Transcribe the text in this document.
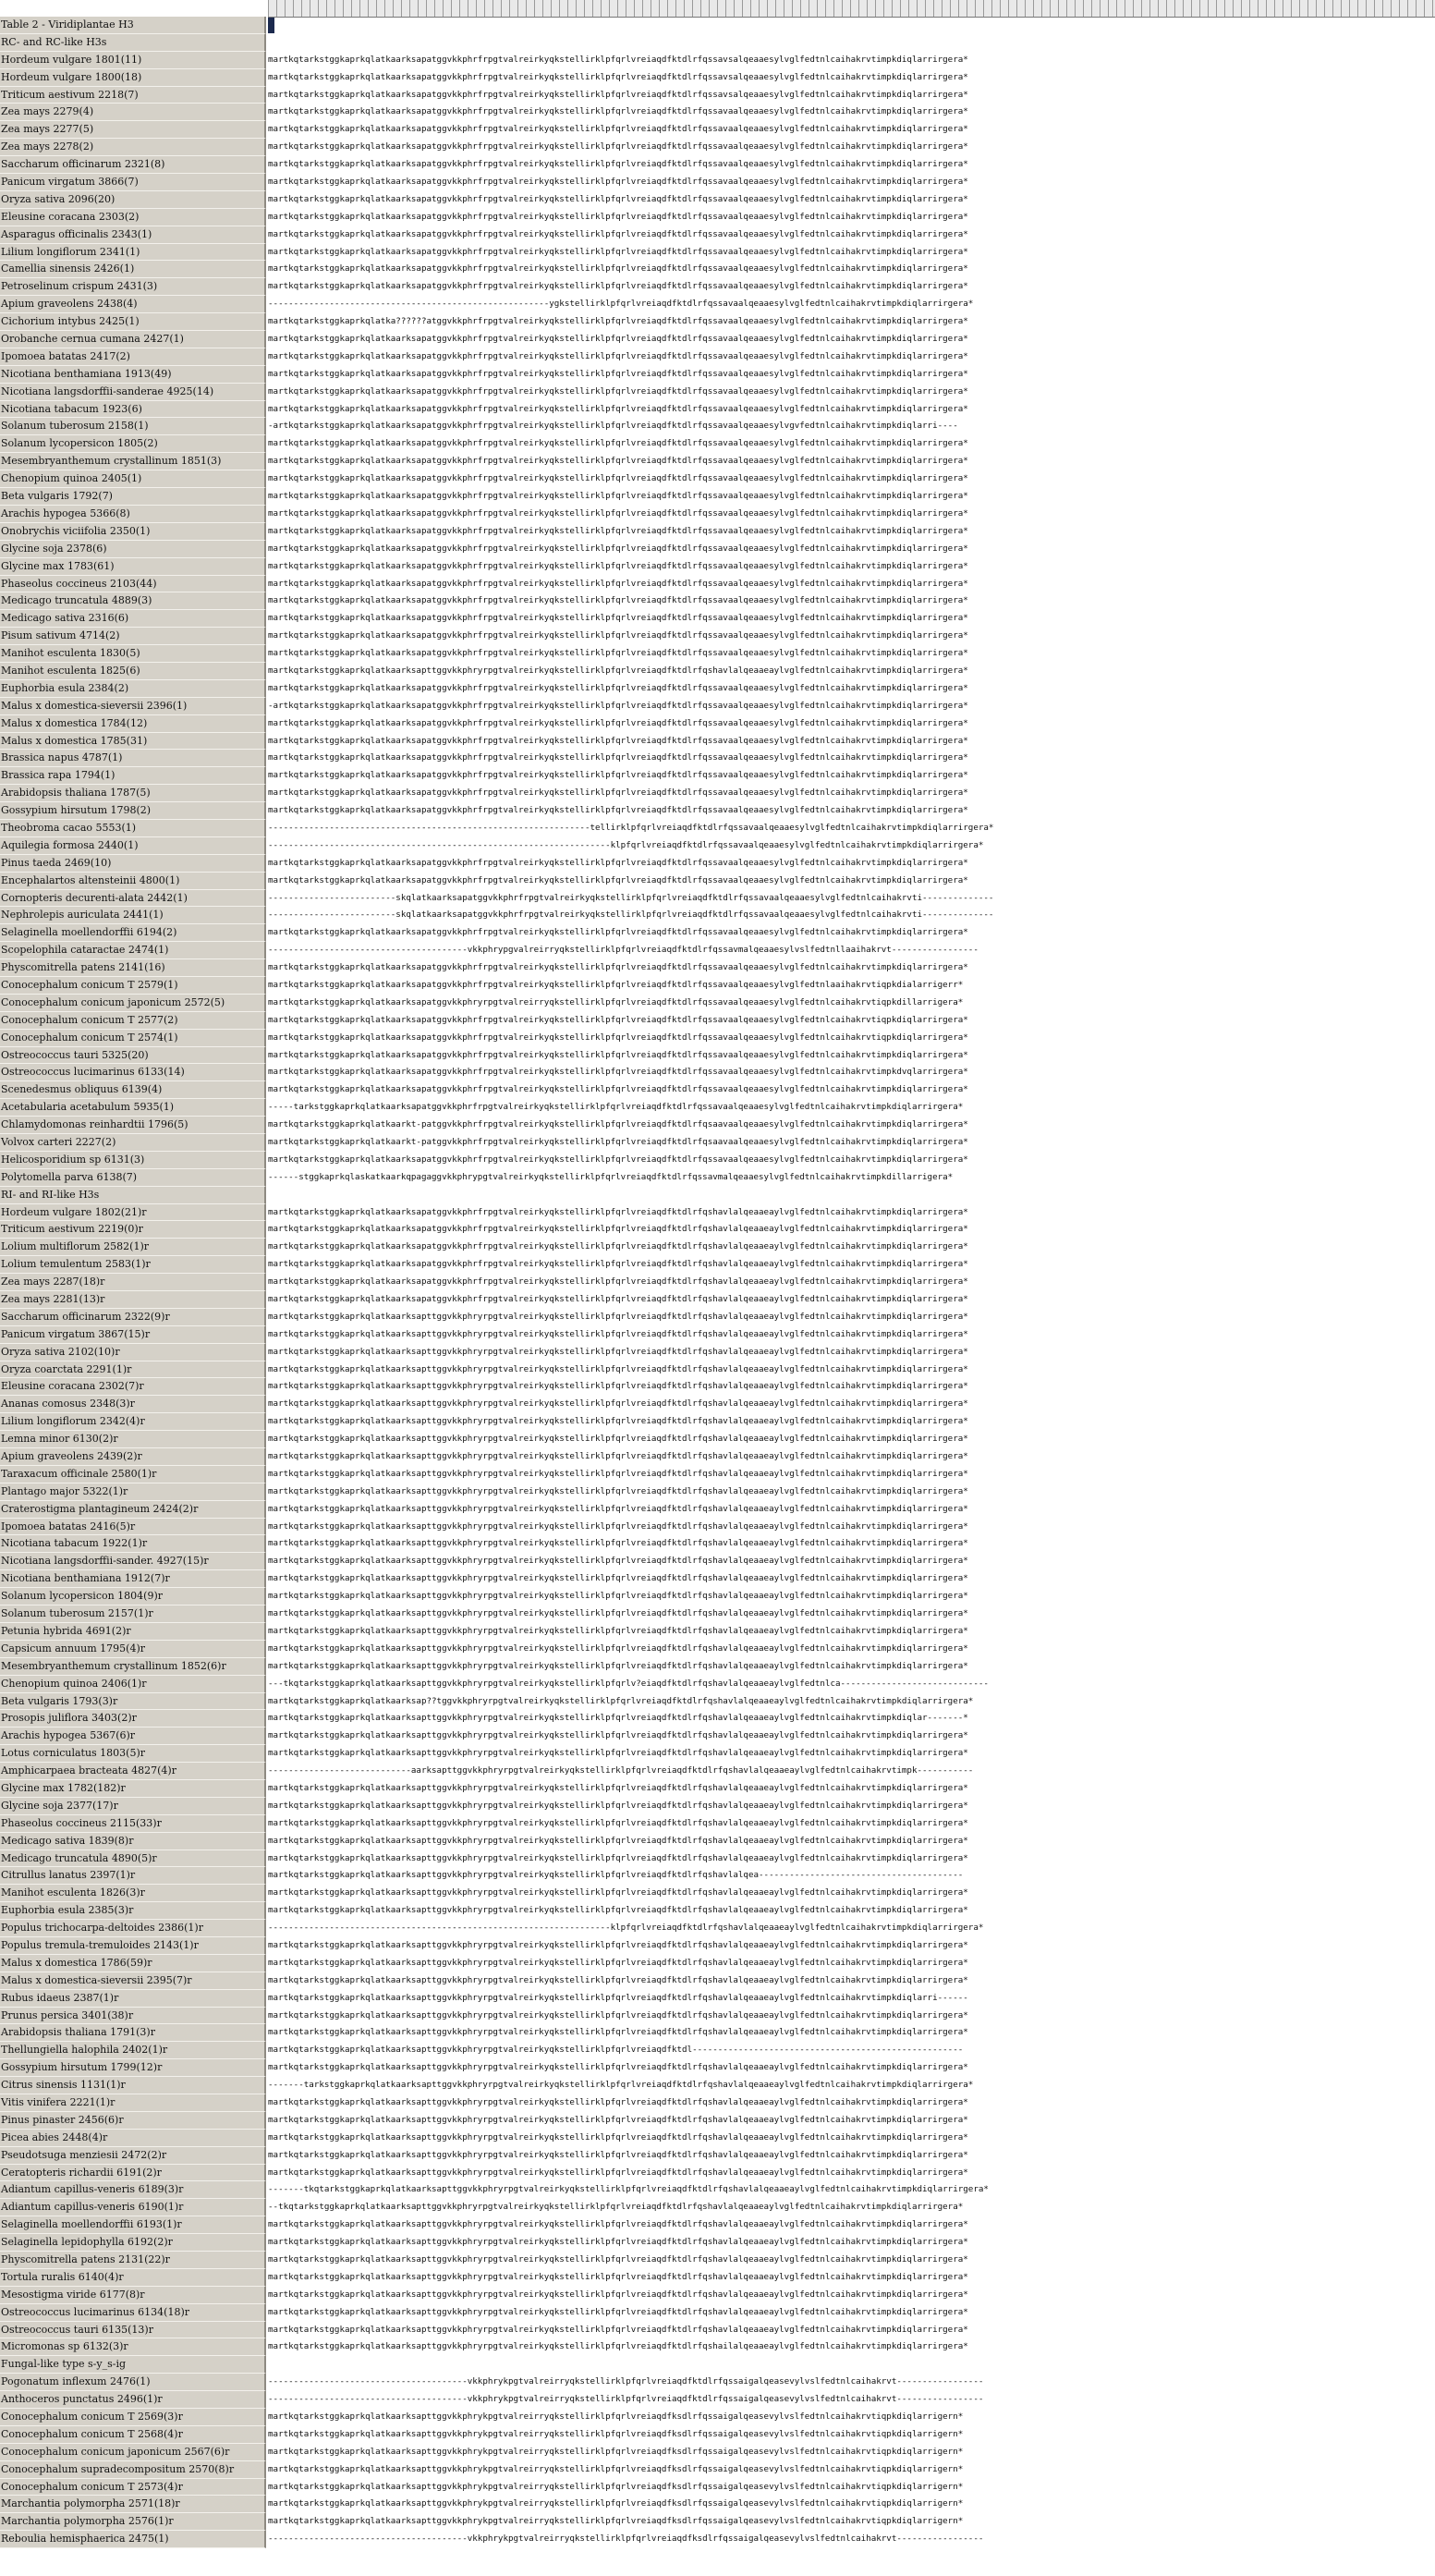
Table 2 - Viridiplantae H3
RC- and RC-like H3s
Hordeum vulgare 1801(11)	martkqtarkstggkaprkqlatkaarksapatggvkkphrfrpgtvalreirkyqkstellirklpfqrlvreiaqdfktdlrfqssavsalqeaaesylvglfedtnlcaihakrvtimpkdiqlarrirgera*
Hordeum vulgare 1800(18)	martkqtarkstggkaprkqlatkaarksapatggvkkphrfrpgtvalreirkyqkstellirklpfqrlvreiaqdfktdlrfqssavsalqeaaesylvglfedtnlcaihakrvtimpkdiqlarrirgera*
Triticum aestivum 2218(7)	martkqtarkstggkaprkqlatkaarksapatggvkkphrfrpgtvalreirkyqkstellirklpfqrlvreiaqdfktdlrfqssavsalqeaaesylvglfedtnlcaihakrvtimpkdiqlarrirgera*
Zea mays 2279(4)	martkqtarkstggkaprkqlatkaarksapatggvkkphrfrpgtvalreirkyqkstellirklpfqrlvreiaqdfktdlrfqssavaalqeaaesylvglfedtnlcaihakrvtimpkdiqlarrirgera*
Zea mays 2277(5)	martkqtarkstggkaprkqlatkaarksapatggvkkphrfrpgtvalreirkyqkstellirklpfqrlvreiaqdfktdlrfqssavaalqeaaesylvglfedtnlcaihakrvtimpkdiqlarrirgera*
Zea mays 2278(2)	martkqtarkstggkaprkqlatkaarksapatggvkkphrfrpgtvalreirkyqkstellirklpfqrlvreiaqdfktdlrfqssavaalqeaaesylvglfedtnlcaihakrvtimpkdiqlarrirgera*
Saccharum officinarum 2321(8)	martkqtarkstggkaprkqlatkaarksapatggvkkphrfrpgtvalreirkyqkstellirklpfqrlvreiaqdfktdlrfqssavaalqeaaesylvglfedtnlcaihakrvtimpkdiqlarrirgera*
Panicum virgatum 3866(7)	martkqtarkstggkaprkqlatkaarksapatggvkkphrfrpgtvalreirkyqkstellirklpfqrlvreiaqdfktdlrfqssavaalqeaaesylvglfedtnlcaihakrvtimpkdiqlarrirgera*
Oryza sativa 2096(20)	martkqtarkstggkaprkqlatkaarksapatggvkkphrfrpgtvalreirkyqkstellirklpfqrlvreiaqdfktdlrfqssavaalqeaaesylvglfedtnlcaihakrvtimpkdiqlarrirgera*
Eleusine coracana 2303(2)	martkqtarkstggkaprkqlatkaarksapatggvkkphrfrpgtvalreirkyqkstellirklpfqrlvreiaqdfktdlrfqssavaalqeaaesylvglfedtnlcaihakrvtimpkdiqlarrirgera*
Asparagus officinalis 2343(1)	martkqtarkstggkaprkqlatkaarksapatggvkkphrfrpgtvalreirkyqkstellirklpfqrlvreiaqdfktdlrfqssavaalqeaaesylvglfedtnlcaihakrvtimpkdiqlarrirgera*
Lilium longiflorum 2341(1)	martkqtarkstggkaprkqlatkaarksapatggvkkphrfrpgtvalreirkyqkstellirklpfqrlvreiaqdfktdlrfqssavaalqeaaesylvglfedtnlcaihakrvtimpkdiqlarrirgera*
Camellia sinensis 2426(1)	martkqtarkstggkaprkqlatkaarksapatggvkkphrfrpgtvalreirkyqkstellirklpfqrlvreiaqdfktdlrfqssavaalqeaaesylvglfedtnlcaihakrvtimpkdiqlarrirgera*
Petroselinum crispum 2431(3)	martkqtarkstggkaprkqlatkaarksapatggvkkphrfrpgtvalreirkyqkstellirklpfqrlvreiaqdfktdlrfqssavaalqeaaesylvglfedtnlcaihakrvtimpkdiqlarrirgera*
Apium graveolens 2438(4)	-------------------------------------------------------ygkstellirklpfqrlvreiaqdfktdlrfqssavaalqeaaesylvglfedtnlcaihakrvtimpkdiqlarrirgera*
Cichorium intybus 2425(1)	martkqtarkstggkaprkqlatka??????atggvkkphrfrpgtvalreirkyqkstellirklpfqrlvreiaqdfktdlrfqssavaalqeaaesylvglfedtnlcaihakrvtimpkdiqlarrirgera*
Orobanche cernua cumana 2427(1)	martkqtarkstggkaprkqlatkaarksapatggvkkphrfrpgtvalreirkyqkstellirklpfqrlvreiaqdfktdlrfqssavaalqeaaesylvglfedtnlcaihakrvtimpkdiqlarrirgera*
Ipomoea batatas 2417(2)	martkqtarkstggkaprkqlatkaarksapatggvkkphrfrpgtvalreirkyqkstellirklpfqrlvreiaqdfktdlrfqssavaalqeaaesylvglfedtnlcaihakrvtimpkdiqlarrirgera*
Nicotiana benthamiana 1913(49)	martkqtarkstggkaprkqlatkaarksapatggvkkphrfrpgtvalreirkyqkstellirklpfqrlvreiaqdfktdlrfqssavaalqeaaesylvglfedtnlcaihakrvtimpkdiqlarrirgera*
Nicotiana langsdorffii-sanderae 4925(14)	martkqtarkstggkaprkqlatkaarksapatggvkkphrfrpgtvalreirkyqkstellirklpfqrlvreiaqdfktdlrfqssavaalqeaaesylvglfedtnlcaihakrvtimpkdiqlarrirgera*
Nicotiana tabacum 1923(6)	martkqtarkstggkaprkqlatkaarksapatggvkkphrfrpgtvalreirkyqkstellirklpfqrlvreiaqdfktdlrfqssavaalqeaaesylvglfedtnlcaihakrvtimpkdiqlarrirgera*
Solanum tuberosum 2158(1)	-artkqtarkstggkaprkqlatkaarksapatggvkkphrfrpgtvalreirkyqkstellirklpfqrlvreiaqdfktdlrfqssavaalqeaaesylvgvfedtnlcaihakrvtimpkdiqlarri----
Solanum lycopersicon 1805(2)	martkqtarkstggkaprkqlatkaarksapatggvkkphrfrpgtvalreirkyqkstellirklpfqrlvreiaqdfktdlrfqssavaalqeaaesylvglfedtnlcaihakrvtimpkdiqlarrirgera*
Mesembryanthemum crystallinum 1851(3)	martkqtarkstggkaprkqlatkaarksapatggvkkphrfrpgtvalreirkyqkstellirklpfqrlvreiaqdfktdlrfqssavaalqeaaesylvglfedtnlcaihakrvtimpkdiqlarrirgera*
Chenopium quinoa 2405(1)	martkqtarkstggkaprkqlatkaarksapatggvkkphrfrpgtvalreirkyqkstellirklpfqrlvreiaqdfktdlrfqssavaalqeaaesylvglfedtnlcaihakrvtimpkdiqlarrirgera*
Beta vulgaris 1792(7)	martkqtarkstggkaprkqlatkaarksapatggvkkphrfrpgtvalreirkyqkstellirklpfqrlvreiaqdfktdlrfqssavaalqeaaesylvglfedtnlcaihakrvtimpkdiqlarrirgera*
Arachis hypogea 5366(8)	martkqtarkstggkaprkqlatkaarksapatggvkkphrfrpgtvalreirkyqkstellirklpfqrlvreiaqdfktdlrfqssavaalqeaaesylvglfedtnlcaihakrvtimpkdiqlarrirgera*
Onobrychis viciifolia 2350(1)	martkqtarkstggkaprkqlatkaarksapatggvkkphrfrpgtvalreirkyqkstellirklpfqrlvreiaqdfktdlrfqssavaalqeaaesylvglfedtnlcaihakrvtimpkdiqlarrirgera*
Glycine soja 2378(6)	martkqtarkstggkaprkqlatkaarksapatggvkkphrfrpgtvalreirkyqkstellirklpfqrlvreiaqdfktdlrfqssavaalqeaaesylvglfedtnlcaihakrvtimpkdiqlarrirgera*
Glycine max 1783(61)	martkqtarkstggkaprkqlatkaarksapatggvkkphrfrpgtvalreirkyqkstellirklpfqrlvreiaqdfktdlrfqssavaalqeaaesylvglfedtnlcaihakrvtimpkdiqlarrirgera*
Phaseolus coccineus 2103(44)	martkqtarkstggkaprkqlatkaarksapatggvkkphrfrpgtvalreirkyqkstellirklpfqrlvreiaqdfktdlrfqssavaalqeaaesylvglfedtnlcaihakrvtimpkdiqlarrirgera*
Medicago truncatula 4889(3)	martkqtarkstggkaprkqlatkaarksapatggvkkphrfrpgtvalreirkyqkstellirklpfqrlvreiaqdfktdlrfqssavaalqeaaesylvglfedtnlcaihakrvtimpkdiqlarrirgera*
Medicago sativa 2316(6)	martkqtarkstggkaprkqlatkaarksapatggvkkphrfrpgtvalreirkyqkstellirklpfqrlvreiaqdfktdlrfqssavaalqeaaesylvglfedtnlcaihakrvtimpkdiqlarrirgera*
Pisum sativum 4714(2)	martkqtarkstggkaprkqlatkaarksapatggvkkphrfrpgtvalreirkyqkstellirklpfqrlvreiaqdfktdlrfqssavaalqeaaesylvglfedtnlcaihakrvtimpkdiqlarrirgera*
Manihot esculenta 1830(5)	martkqtarkstggkaprkqlatkaarksapatggvkkphrfrpgtvalreirkyqkstellirklpfqrlvreiaqdfktdlrfqssavaalqeaaesylvglfedtnlcaihakrvtimpkdiqlarrirgera*
Manihot esculenta 1825(6)	martkqtarkstggkaprkqlatkaarksapttggvkkphryrpgtvalreirkyqkstellirklpfqrlvreiaqdfktdlrfqshavlalqeaaeaylvglfedtnlcaihakrvtimpkdiqlarrirgera*
Euphorbia esula 2384(2)	martkqtarkstggkaprkqlatkaarksapatggvkkphrfrpgtvalreirkyqkstellirklpfqrlvreiaqdfktdlrfqssavaalqeaaesylvglfedtnlcaihakrvtimpkdiqlarrirgera*
Malus x domestica-sieversii 2396(1)	-artkqtarkstggkaprkqlatkaarksapatggvkkphrfrpgtvalreirkyqkstellirklpfqrlvreiaqdfktdlrfqssavaalqeaaesylvglfedtnlcaihakrvtimpkdiqlarrirgera*
Malus x domestica 1784(12)	martkqtarkstggkaprkqlatkaarksapatggvkkphrfrpgtvalreirkyqkstellirklpfqrlvreiaqdfktdlrfqssavaalqeaaesylvglfedtnlcaihakrvtimpkdiqlarrirgera*
Malus x domestica 1785(31)	martkqtarkstggkaprkqlatkaarksapatggvkkphrfrpgtvalreirkyqkstellirklpfqrlvreiaqdfktdlrfqssavaalqeaaesylvglfedtnlcaihakrvtimpkdiqlarrirgera*
Brassica napus 4787(1)	martkqtarkstggkaprkqlatkaarksapatggvkkphrfrpgtvalreirkyqkstellirklpfqrlvreiaqdfktdlrfqssavaalqeaaesylvglfedtnlcaihakrvtimpkdiqlarrirgera*
Brassica rapa 1794(1)	martkqtarkstggkaprkqlatkaarksapatggvkkphrfrpgtvalreirkyqkstellirklpfqrlvreiaqdfktdlrfqssavaalqeaaesylvglfedtnlcaihakrvtimpkdiqlarrirgera*
Arabidopsis thaliana 1787(5)	martkqtarkstggkaprkqlatkaarksapatggvkkphrfrpgtvalreirkyqkstellirklpfqrlvreiaqdfktdlrfqssavaalqeaaesylvglfedtnlcaihakrvtimpkdiqlarrirgera*
Gossypium hirsutum 1798(2)	martkqtarkstggkaprkqlatkaarksapatggvkkphrfrpgtvalreirkyqkstellirklpfqrlvreiaqdfktdlrfqssavaalqeaaesylvglfedtnlcaihakrvtimpkdiqlarrirgera*
Theobroma cacao 5553(1)	---------------------------------------------------------------tellirklpfqrlvreiaqdfktdlrfqssavaalqeaaesylvglfedtnlcaihakrvtimpkdiqlarrirgera*
Aquilegia formosa 2440(1)	-------------------------------------------------------------------klpfqrlvreiaqdfktdlrfqssavaalqeaaesylvglfedtnlcaihakrvtimpkdiqlarrirgera*
Pinus taeda 2469(10)	martkqtarkstggkaprkqlatkaarksapatggvkkphrfrpgtvalreirkyqkstellirklpfqrlvreiaqdfktdlrfqssavaalqeaaesylvglfedtnlcaihakrvtimpkdiqlarrirgera*
Encephalartos altensteinii 4800(1)	martkqtarkstggkaprkqlatkaarksapatggvkkphrfrpgtvalreirkyqkstellirklpfqrlvreiaqdfktdlrfqssavaalqeaaesylvglfedtnlcaihakrvtimpkdiqlarrirgera*
Cornopteris decurenti-alata 2442(1)	-------------------------skqlatkaarksapatggvkkphrfrpgtvalreirkyqkstellirklpfqrlvreiaqdfktdlrfqssavaalqeaaesylvglfedtnlcaihakrvti--------------
Nephrolepis auriculata 2441(1)	-------------------------skqlatkaarksapatggvkkphrfrpgtvalreirkyqkstellirklpfqrlvreiaqdfktdlrfqssavaalqeaaesylvglfedtnlcaihakrvti--------------
Selaginella moellendorffii 6194(2)	martkqtarkstggkaprkqlatkaarksapatggvkkphrfrpgtvalreirkyqkstellirklpfqrlvreiaqdfktdlrfqssavaalqeaaesylvglfedtnlcaihakrvtimpkdiqlarrirgera*
Scopelophila cataractae 2474(1)	---------------------------------------vkkphrypgvalreirryqkstellirklpfqrlvreiaqdfktdlrfqssavmalqeaaesylvslfedtnllaaihakrvt-----------------
Physcomitrella patens 2141(16)	martkqtarkstggkaprkqlatkaarksapatggvkkphrfrpgtvalreirkyqkstellirklpfqrlvreiaqdfktdlrfqssavaalqeaaesylvglfedtnlcaihakrvtimpkdiqlarrirgera*
Conocephalum conicum T 2579(1)	martkqtarkstggkaprkqlatkaarksapatggvkkphrfrpgtvalreirkyqkstellirklpfqrlvreiaqdfktdlrfqssavaalqeaaesylvglfedtnlaaihakrvtiqpkdialarrigerr*
Conocephalum conicum japonicum 2572(5)	martkqtarkstggkaprkqlatkaarksapatggvkkphryrpgtvalreirryqkstellirklpfqrlvreiaqdfktdlrfqssavaalqeaaesylvglfedtnlcaihakrvtiqpkdillarrigera*
Conocephalum conicum T 2577(2)	martkqtarkstggkaprkqlatkaarksapatggvkkphrfrpgtvalreirkyqkstellirklpfqrlvreiaqdfktdlrfqssavaalqeaaesylvglfedtnlcaihakrvtiqpkdiqlarrirgera*
Conocephalum conicum T 2574(1)	martkqtarkstggkaprkqlatkaarksapatggvkkphrfrpgtvalreirkyqkstellirklpfqrlvreiaqdfktdlrfqssavaalqeaaesylvglfedtnlcaihakrvtiqpkdiqlarrirgera*
Ostreococcus tauri 5325(20)	martkqtarkstggkaprkqlatkaarksapatggvkkphrfrpgtvalreirkyqkstellirklpfqrlvreiaqdfktdlrfqssavaalqeaaesylvglfedtnlcaihakrvtimpkdiqlarrirgera*
Ostreococcus lucimarinus 6133(14)	martkqtarkstggkaprkqlatkaarksapatggvkkphrfrpgtvalreirkyqkstellirklpfqrlvreiaqdfktdlrfqssavaalqeaaesylvglfedtnlcaihakrvtimpkdvqlarrirgera*
Scenedesmus obliquus 6139(4)	martkqtarkstggkaprkqlatkaarksapatggvkkphrfrpgtvalreirkyqkstellirklpfqrlvreiaqdfktdlrfqssavaalqeaaesylvglfedtnlcaihakrvtimpkdiqlarrirgera*
Acetabularia acetabulum 5935(1)	-----tarkstggkaprkqlatkaarksapatggvkkphrfrpgtvalreirkyqkstellirklpfqrlvreiaqdfktdlrfqssavaalqeaaesylvglfedtnlcaihakrvtimpkdiqlarrirgera*
Chlamydomonas reinhardtii 1796(5)	martkqtarkstggkaprkqlatkaarkt-patggvkkphrfrpgtvalreirkyqkstellirklpfqrlvreiaqdfktdlrfqsaavaalqeaaesylvglfedtnlcaihakrvtimpkdiqlarrirgera*
Volvox carteri 2227(2)	martkqtarkstggkaprkqlatkaarkt-patggvkkphrfrpgtvalreirkyqkstellirklpfqrlvreiaqdfktdlrfqsaavaalqeaaesylvglfedtnlcaihakrvtimpkdiqlarrirgera*
Helicosporidium sp 6131(3)	martkqtarkstggkaprkqlatkaarksapatggvkkphrfrpgtvalreirkyqkstellirklpfqrlvreiaqdfktdlrfqssavaalqeaaesylvglfedtnlcaihakrvtimpkdiqlarrirgera*
Polytomella parva 6138(7)	------stggkaprkqlaskatkaarkqpagaggvkkphrypgtvalreirkyqkstellirklpfqrlvreiaqdfktdlrfqssavmalqeaaesylvglfedtnlcaihakrvtimpkdillarrigera*
RI- and RI-like H3s
Hordeum vulgare 1802(21)r	martkqtarkstggkaprkqlatkaarksapatggvkkphrfrpgtvalreirkyqkstellirklpfqrlvreiaqdfktdlrfqshavlalqeaaeaylvglfedtnlcaihakrvtimpkdiqlarrirgera*
Triticum aestivum 2219(0)r	martkqtarkstggkaprkqlatkaarksapatggvkkphrfrpgtvalreirkyqkstellirklpfqrlvreiaqdfktdlrfqshavlalqeaaeaylvglfedtnlcaihakrvtimpkdiqlarrirgera*
Lolium multiflorum 2582(1)r	martkqtarkstggkaprkqlatkaarksapatggvkkphrfrpgtvalreirkyqkstellirklpfqrlvreiaqdfktdlrfqshavlalqeaaeaylvglfedtnlcaihakrvtimpkdiqlarrirgera*
Lolium temulentum 2583(1)r	martkqtarkstggkaprkqlatkaarksapatggvkkphrfrpgtvalreirkyqkstellirklpfqrlvreiaqdfktdlrfqshavlalqeaaeaylvglfedtnlcaihakrvtimpkdiqlarrirgera*
Zea mays 2287(18)r	martkqtarkstggkaprkqlatkaarksapatggvkkphrfrpgtvalreirkyqkstellirklpfqrlvreiaqdfktdlrfqshavlalqeaaeaylvglfedtnlcaihakrvtimpkdiqlarrirgera*
Zea mays 2281(13)r	martkqtarkstggkaprkqlatkaarksapatggvkkphrfrpgtvalreirkyqkstellirklpfqrlvreiaqdfktdlrfqshavlalqeaaeaylvglfedtnlcaihakrvtimpkdiqlarrirgera*
Saccharum officinarum 2322(9)r	martkqtarkstggkaprkqlatkaarksapttggvkkphryrpgtvalreirkyqkstellirklpfqrlvreiaqdfktdlrfqshavlalqeaaeaylvglfedtnlcaihakrvtimpkdiqlarrirgera*
Panicum virgatum 3867(15)r	martkqtarkstggkaprkqlatkaarksapttggvkkphryrpgtvalreirkyqkstellirklpfqrlvreiaqdfktdlrfqshavlalqeaaeaylvglfedtnlcaihakrvtimpkdiqlarrirgera*
Oryza sativa 2102(10)r	martkqtarkstggkaprkqlatkaarksapttggvkkphryrpgtvalreirkyqkstellirklpfqrlvreiaqdfktdlrfqshavlalqeaaeaylvglfedtnlcaihakrvtimpkdiqlarrirgera*
Oryza coarctata 2291(1)r	martkqtarkstggkaprkqlatkaarksapttggvkkphryrpgtvalreirkyqkstellirklpfqrlvreiaqdfktdlrfqshavlalqeaaeaylvglfedtnlcaihakrvtimpkdiqlarrirgera*
Eleusine coracana 2302(7)r	martkqtarkstggkaprkqlatkaarksapttggvkkphryrpgtvalreirkyqkstellirklpfqrlvreiaqdfktdlrfqshavlalqeaaeaylvglfedtnlcaihakrvtimpkdiqlarrirgera*
Ananas comosus 2348(3)r	martkqtarkstggkaprkqlatkaarksapttggvkkphryrpgtvalreirkyqkstellirklpfqrlvreiaqdfktdlrfqshavlalqeaaeaylvglfedtnlcaihakrvtimpkdiqlarrirgera*
Lilium longiflorum 2342(4)r	martkqtarkstggkaprkqlatkaarksapttggvkkphryrpgtvalreirkyqkstellirklpfqrlvreiaqdfktdlrfqshavlalqeaaeaylvglfedtnlcaihakrvtimpkdiqlarrirgera*
Lemna minor 6130(2)r	martkqtarkstggkaprkqlatkaarksapttggvkkphryrpgtvalreirkyqkstellirklpfqrlvreiaqdfktdlrfqshavlalqeaaeaylvglfedtnlcaihakrvtimpkdiqlarrirgera*
Apium graveolens 2439(2)r	martkqtarkstggkaprkqlatkaarksapttggvkkphryrpgtvalreirkyqkstellirklpfqrlvreiaqdfktdlrfqshavlalqeaaeaylvglfedtnlcaihakrvtimpkdiqlarrirgera*
Taraxacum officinale 2580(1)r	martkqtarkstggkaprkqlatkaarksapttggvkkphryrpgtvalreirkyqkstellirklpfqrlvreiaqdfktdlrfqshavlalqeaaeaylvglfedtnlcaihakrvtimpkdiqlarrirgera*
Plantago major 5322(1)r	martkqtarkstggkaprkqlatkaarksapttggvkkphryrpgtvalreirkyqkstellirklpfqrlvreiaqdfktdlrfqshavlalqeaaeaylvglfedtnlcaihakrvtimpkdiqlarrirgera*
Craterostigma plantagineum 2424(2)r	martkqtarkstggkaprkqlatkaarksapttggvkkphryrpgtvalreirkyqkstellirklpfqrlvreiaqdfktdlrfqshavlalqeaaeaylvglfedtnlcaihakrvtimpkdiqlarrirgera*
Ipomoea batatas 2416(5)r	martkqtarkstggkaprkqlatkaarksapttggvkkphryrpgtvalreirkyqkstellirklpfqrlvreiaqdfktdlrfqshavlalqeaaeaylvglfedtnlcaihakrvtimpkdiqlarrirgera*
Nicotiana tabacum 1922(1)r	martkqtarkstggkaprkqlatkaarksapttggvkkphryrpgtvalreirkyqkstellirklpfqrlvreiaqdfktdlrfqshavlalqeaaeaylvglfedtnlcaihakrvtimpkdiqlarrirgera*
Nicotiana langsdorffii-sander. 4927(15)r	martkqtarkstggkaprkqlatkaarksapttggvkkphryrpgtvalreirkyqkstellirklpfqrlvreiaqdfktdlrfqshavlalqeaaeaylvglfedtnlcaihakrvtimpkdiqlarrirgera*
Nicotiana benthamiana 1912(7)r	martkqtarkstggkaprkqlatkaarksapttggvkkphryrpgtvalreirkyqkstellirklpfqrlvreiaqdfktdlrfqshavlalqeaaeaylvglfedtnlcaihakrvtimpkdiqlarrirgera*
Solanum lycopersicon 1804(9)r	martkqtarkstggkaprkqlatkaarksapttggvkkphryrpgtvalreirkyqkstellirklpfqrlvreiaqdfktdlrfqshavlalqeaaeaylvglfedtnlcaihakrvtimpkdiqlarrirgera*
Solanum tuberosum 2157(1)r	martkqtarkstggkaprkqlatkaarksapttggvkkphryrpgtvalreirkyqkstellirklpfqrlvreiaqdfktdlrfqshavlalqeaaeaylvglfedtnlcaihakrvtimpkdiqlarrirgera*
Petunia hybrida 4691(2)r	martkqtarkstggkaprkqlatkaarksapttggvkkphryrpgtvalreirkyqkstellirklpfqrlvreiaqdfktdlrfqshavlalqeaaeaylvglfedtnlcaihakrvtimpkdiqlarrirgera*
Capsicum annuum 1795(4)r	martkqtarkstggkaprkqlatkaarksapttggvkkphryrpgtvalreirkyqkstellirklpfqrlvreiaqdfktdlrfqshavlalqeaaeaylvglfedtnlcaihakrvtimpkdiqlarrirgera*
Mesembryanthemum crystallinum 1852(6)r	martkqtarkstggkaprkqlatkaarksapttggvkkphryrpgtvalreirkyqkstellirklpfqrlvreiaqdfktdlrfqshavlalqeaaeaylvglfedtnlcaihakrvtimpkdiqlarrirgera*
Chenopium quinoa 2406(1)r	---tkqtarkstggkaprkqlatkaarksapttggvkkphryrpgtvalreirkyqkstellirklpfqrlv?eiaqdfktdlrfqshavlalqeaaeaylvglfedtnlca-----------------------------
Beta vulgaris 1793(3)r	martkqtarkstggkaprkqlatkaarksap??tggvkkphryrpgtvalreirkyqkstellirklpfqrlvreiaqdfktdlrfqshavlalqeaaeaylvglfedtnlcaihakrvtimpkdiqlarrirgera*
Prosopis juliflora 3403(2)r	martkqtarkstggkaprkqlatkaarksapttggvkkphryrpgtvalreirkyqkstellirklpfqrlvreiaqdfktdlrfqshavlalqeaaeaylvglfedtnlcaihakrvtimpkdiqlar-------*
Arachis hypogea 5367(6)r	martkqtarkstggkaprkqlatkaarksapttggvkkphryrpgtvalreirkyqkstellirklpfqrlvreiaqdfktdlrfqshavlalqeaaeaylvglfedtnlcaihakrvtimpkdiqlarrirgera*
Lotus corniculatus 1803(5)r	martkqtarkstggkaprkqlatkaarksapttggvkkphryrpgtvalreirkyqkstellirklpfqrlvreiaqdfktdlrfqshavlalqeaaeaylvglfedtnlcaihakrvtimpkdiqlarrirgera*
Amphicarpaea bracteata 4827(4)r	----------------------------aarksapttggvkkphryrpgtvalreirkyqkstellirklpfqrlvreiaqdfktdlrfqshavlalqeaaeaylvglfedtnlcaihakrvtimpk-----------
Glycine max 1782(182)r	martkqtarkstggkaprkqlatkaarksapttggvkkphryrpgtvalreirkyqkstellirklpfqrlvreiaqdfktdlrfqshavlalqeaaeaylvglfedtnlcaihakrvtimpkdiqlarrirgera*
Glycine soja 2377(17)r	martkqtarkstggkaprkqlatkaarksapttggvkkphryrpgtvalreirkyqkstellirklpfqrlvreiaqdfktdlrfqshavlalqeaaeaylvglfedtnlcaihakrvtimpkdiqlarrirgera*
Phaseolus coccineus 2115(33)r	martkqtarkstggkaprkqlatkaarksapttggvkkphryrpgtvalreirkyqkstellirklpfqrlvreiaqdfktdlrfqshavlalqeaaeaylvglfedtnlcaihakrvtimpkdiqlarrirgera*
Medicago sativa 1839(8)r	martkqtarkstggkaprkqlatkaarksapttggvkkphryrpgtvalreirkyqkstellirklpfqrlvreiaqdfktdlrfqshavlalqeaaeaylvglfedtnlcaihakrvtimpkdiqlarrirgera*
Medicago truncatula 4890(5)r	martkqtarkstggkaprkqlatkaarksapttggvkkphryrpgtvalreirkyqkstellirklpfqrlvreiaqdfktdlrfqshavlalqeaaeaylvglfedtnlcaihakrvtimpkdiqlarrirgera*
Citrullus lanatus 2397(1)r	martkqtarkstggkaprkqlatkaarksapttggvkkphryrpgtvalreirkyqkstellirklpfqrlvreiaqdfktdlrfqshavlalqea----------------------------------------
Manihot esculenta 1826(3)r	martkqtarkstggkaprkqlatkaarksapttggvkkphryrpgtvalreirkyqkstellirklpfqrlvreiaqdfktdlrfqshavlalqeaaeaylvglfedtnlcaihakrvtimpkdiqlarrirgera*
Euphorbia esula 2385(3)r	martkqtarkstggkaprkqlatkaarksapttggvkkphryrpgtvalreirkyqkstellirklpfqrlvreiaqdfktdlrfqshavlalqeaaeaylvglfedtnlcaihakrvtimpkdiqlarrirgera*
Populus trichocarpa-deltoides 2386(1)r	-------------------------------------------------------------------klpfqrlvreiaqdfktdlrfqshavlalqeaaeaylvglfedtnlcaihakrvtimpkdiqlarrirgera*
Populus tremula-tremuloides 2143(1)r	martkqtarkstggkaprkqlatkaarksapttggvkkphryrpgtvalreirkyqkstellirklpfqrlvreiaqdfktdlrfqshavlalqeaaeaylvglfedtnlcaihakrvtimpkdiqlarrirgera*
Malus x domestica 1786(59)r	martkqtarkstggkaprkqlatkaarksapttggvkkphryrpgtvalreirkyqkstellirklpfqrlvreiaqdfktdlrfqshavlalqeaaeaylvglfedtnlcaihakrvtimpkdiqlarrirgera*
Malus x domestica-sieversii 2395(7)r	martkqtarkstggkaprkqlatkaarksapttggvkkphryrpgtvalreirkyqkstellirklpfqrlvreiaqdfktdlrfqshavlalqeaaeaylvglfedtnlcaihakrvtimpkdiqlarrirgera*
Rubus idaeus 2387(1)r	martkqtarkstggkaprkqlatkaarksapttggvkkphryrpgtvalreirkyqkstellirklpfqrlvreiaqdfktdlrfqshavlalqeaaeaylvglfedtnlcaihakrvtimpkdiqlarri------
Prunus persica 3401(38)r	martkqtarkstggkaprkqlatkaarksapttggvkkphryrpgtvalreirkyqkstellirklpfqrlvreiaqdfktdlrfqshavlalqeaaeaylvglfedtnlcaihakrvtimpkdiqlarrirgera*
Arabidopsis thaliana 1791(3)r	martkqtarkstggkaprkqlatkaarksapttggvkkphryrpgtvalreirkyqkstellirklpfqrlvreiaqdfktdlrfqshavlalqeaaeaylvglfedtnlcaihakrvtimpkdiqlarrirgera*
Thellungiella halophila 2402(1)r	martkqtarkstggkaprkqlatkaarksapttggvkkphryrpgtvalreirkyqkstellirklpfqrlvreiaqdfktdl-----------------------------------------------------
Gossypium hirsutum 1799(12)r	martkqtarkstggkaprkqlatkaarksapttggvkkphryrpgtvalreirkyqkstellirklpfqrlvreiaqdfktdlrfqshavlalqeaaeaylvglfedtnlcaihakrvtimpkdiqlarrirgera*
Citrus sinensis 1131(1)r	-------tarkstggkaprkqlatkaarksapttggvkkphryrpgtvalreirkyqkstellirklpfqrlvreiaqdfktdlrfqshavlalqeaaeaylvglfedtnlcaihakrvtimpkdiqlarrirgera*
Vitis vinifera 2221(1)r	martkqtarkstggkaprkqlatkaarksapttggvkkphryrpgtvalreirkyqkstellirklpfqrlvreiaqdfktdlrfqshavlalqeaaeaylvglfedtnlcaihakrvtimpkdiqlarrirgera*
Pinus pinaster 2456(6)r	martkqtarkstggkaprkqlatkaarksapttggvkkphryrpgtvalreirkyqkstellirklpfqrlvreiaqdfktdlrfqshavlalqeaaeaylvglfedtnlcaihakrvtimpkdiqlarrirgera*
Picea abies 2448(4)r	martkqtarkstggkaprkqlatkaarksapttggvkkphryrpgtvalreirkyqkstellirklpfqrlvreiaqdfktdlrfqshavlalqeaaeaylvglfedtnlcaihakrvtimpkdiqlarrirgera*
Pseudotsuga menziesii 2472(2)r	martkqtarkstggkaprkqlatkaarksapttggvkkphryrpgtvalreirkyqkstellirklpfqrlvreiaqdfktdlrfqshavlalqeaaeaylvglfedtnlcaihakrvtimpkdiqlarrirgera*
Ceratopteris richardii 6191(2)r	martkqtarkstggkaprkqlatkaarksapttggvkkphryrpgtvalreirkyqkstellirklpfqrlvreiaqdfktdlrfqshavlalqeaaeaylvglfedtnlcaihakrvtimpkdiqlarrirgera*
Adiantum capillus-veneris 6189(3)r	-------tkqtarkstggkaprkqlatkaarksapttggvkkphryrpgtvalreirkyqkstellirklpfqrlvreiaqdfktdlrfqshavlalqeaaeaylvglfedtnlcaihakrvtimpkdiqlarrirgera*
Adiantum capillus-veneris 6190(1)r	--tkqtarkstggkaprkqlatkaarksapttggvkkphryrpgtvalreirkyqkstellirklpfqrlvreiaqdfktdlrfqshavlalqeaaeaylvglfedtnlcaihakrvtimpkdiqlarrirgera*
Selaginella moellendorffii 6193(1)r	martkqtarkstggkaprkqlatkaarksapttggvkkphryrpgtvalreirkyqkstellirklpfqrlvreiaqdfktdlrfqshavlalqeaaeaylvglfedtnlcaihakrvtimpkdiqlarrirgera*
Selaginella lepidophylla 6192(2)r	martkqtarkstggkaprkqlatkaarksapttggvkkphryrpgtvalreirkyqkstellirklpfqrlvreiaqdfktdlrfqshavlalqeaaeaylvglfedtnlcaihakrvtimpkdiqlarrirgera*
Physcomitrella patens 2131(22)r	martkqtarkstggkaprkqlatkaarksapttggvkkphryrpgtvalreirkyqkstellirklpfqrlvreiaqdfktdlrfqshavlalqeaaeaylvglfedtnlcaihakrvtimpkdiqlarrirgera*
Tortula ruralis 6140(4)r	martkqtarkstggkaprkqlatkaarksapttggvkkphryrpgtvalreirkyqkstellirklpfqrlvreiaqdfktdlrfqshavlalqeaaeaylvglfedtnlcaihakrvtimpkdiqlarrirgera*
Mesostigma viride 6177(8)r	martkqtarkstggkaprkqlatkaarksapttggvkkphryrpgtvalreirkyqkstellirklpfqrlvreiaqdfktdlrfqshavlalqeaaeaylvglfedtnlcaihakrvtimpkdiqlarrirgera*
Ostreococcus lucimarinus 6134(18)r	martkqtarkstggkaprkqlatkaarksapttggvkkphryrpgtvalreirkyqkstellirklpfqrlvreiaqdfktdlrfqshavlalqeaaeaylvglfedtnlcaihakrvtimpkdiqlarrirgera*
Ostreococcus tauri 6135(13)r	martkqtarkstggkaprkqlatkaarksapttggvkkphryrpgtvalreirkyqkstellirklpfqrlvreiaqdfktdlrfqshavlalqeaaeaylvglfedtnlcaihakrvtimpkdiqlarrirgera*
Micromonas sp 6132(3)r	martkqtarkstggkaprkqlatkaarksapttggvkkphryrpgtvalreirkyqkstellirklpfqrlvreiaqdfktdlrfqshailalqeaaeaylvglfedtnlcaihakrvtimpkdiqlarrirgera*
Fungal-like type s-y_s-ig
Pogonatum inflexum 2476(1)	---------------------------------------vkkphrykpgtvalreirryqkstellirklpfqrlvreiaqdfktdlrfqssaigalqeasevylvslfedtnlcaihakrvt-----------------
Anthoceros punctatus 2496(1)r	---------------------------------------vkkphrykpgtvalreirryqkstellirklpfqrlvreiaqdfktdlrfqssaigalqeasevylvslfedtnlcaihakrvt-----------------
Conocephalum conicum T 2569(3)r	martkqtarkstggkaprkqlatkaarksapttggvkkphrykpgtvalreirryqkstellirklpfqrlvreiaqdfksdlrfqssaigalqeasevylvslfedtnlcaihakrvtiqpkdiqlarrigern*
Conocephalum conicum T 2568(4)r	martkqtarkstggkaprkqlatkaarksapttggvkkphrykpgtvalreirryqkstellirklpfqrlvreiaqdfksdlrfqssaigalqeasevylvslfedtnlcaihakrvtiqpkdiqlarrigern*
Conocephalum conicum japonicum 2567(6)r	martkqtarkstggkaprkqlatkaarksapttggvkkphrykpgtvalreirryqkstellirklpfqrlvreiaqdfksdlrfqssaigalqeasevylvslfedtnlcaihakrvtiqpkdiqlarrigern*
Conocephalum supradecompositum 2570(8)r	martkqtarkstggkaprkqlatkaarksapttggvkkphrykpgtvalreirryqkstellirklpfqrlvreiaqdfksdlrfqssaigalqeasevylvslfedtnlcaihakrvtiqpkdiqlarrigern*
Conocephalum conicum T 2573(4)r	martkqtarkstggkaprkqlatkaarksapttggvkkphrykpgtvalreirryqkstellirklpfqrlvreiaqdfksdlrfqssaigalqeasevylvslfedtnlcaihakrvtiqpkdiqlarrigern*
Marchantia polymorpha 2571(18)r	martkqtarkstggkaprkqlatkaarksapttggvkkphrykpgtvalreirryqkstellirklpfqrlvreiaqdfksdlrfqssaigalqeasevylvslfedtnlcaihakrvtiqpkdiqlarrigern*
Marchantia polymorpha 2576(1)r	martkqtarkstggkaprkqlatkaarksapttggvkkphrykpgtvalreirryqkstellirklpfqrlvreiaqdfksdlrfqssaigalqeasevylvslfedtnlcaihakrvtiqpkdiqlarrigern*
Reboulia hemisphaerica 2475(1)	---------------------------------------vkkphrykpgtvalreirryqkstellirklpfqrlvreiaqdfksdlrfqssaigalqeasevylvslfedtnlcaihakrvt-----------------
